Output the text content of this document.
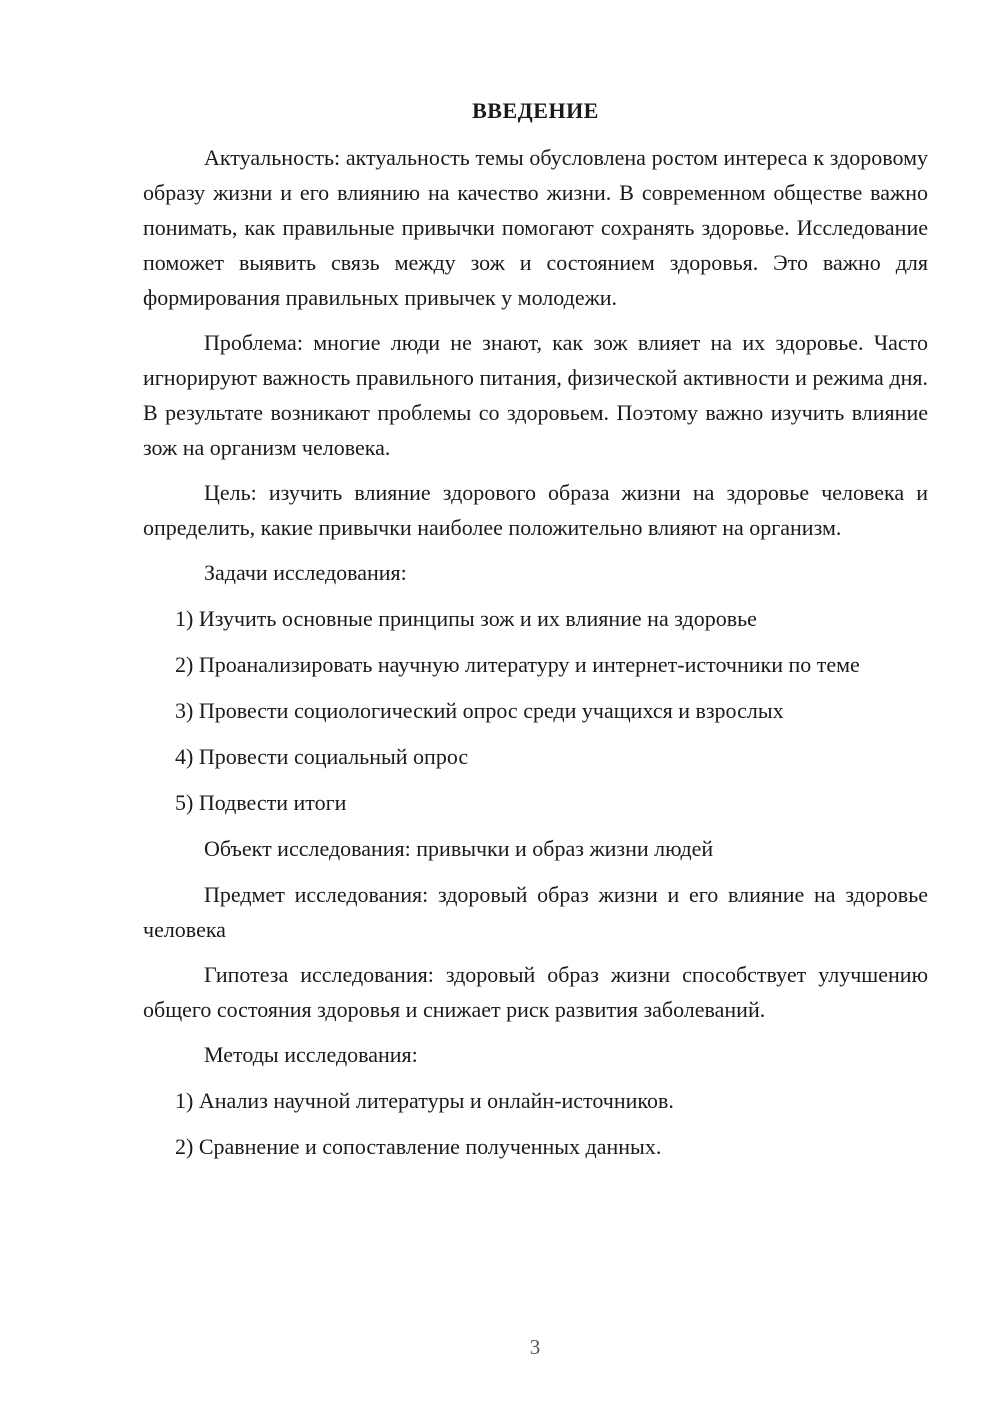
ВВЕДЕНИЕ

Актуальность: актуальность темы обусловлена ростом интереса к здоровому образу жизни и его влиянию на качество жизни. В современном обществе важно понимать, как правильные привычки помогают сохранять здоровье. Исследование поможет выявить связь между зож и состоянием здоровья. Это важно для формирования правильных привычек у молодежи.

Проблема: многие люди не знают, как зож влияет на их здоровье. Часто игнорируют важность правильного питания, физической активности и режима дня. В результате возникают проблемы со здоровьем. Поэтому важно изучить влияние зож на организм человека.

Цель: изучить влияние здорового образа жизни на здоровье человека и определить, какие привычки наиболее положительно влияют на организм.

Задачи исследования:

1) Изучить основные принципы зож и их влияние на здоровье

2) Проанализировать научную литературу и интернет-источники по теме

3) Провести социологический опрос среди учащихся и взрослых

4) Провести социальный опрос

5) Подвести итоги

Объект исследования: привычки и образ жизни людей

Предмет исследования: здоровый образ жизни и его влияние на здоровье человека

Гипотеза исследования: здоровый образ жизни способствует улучшению общего состояния здоровья и снижает риск развития заболеваний.

Методы исследования:

1) Анализ научной литературы и онлайн-источников.

2) Сравнение и сопоставление полученных данных.

3
